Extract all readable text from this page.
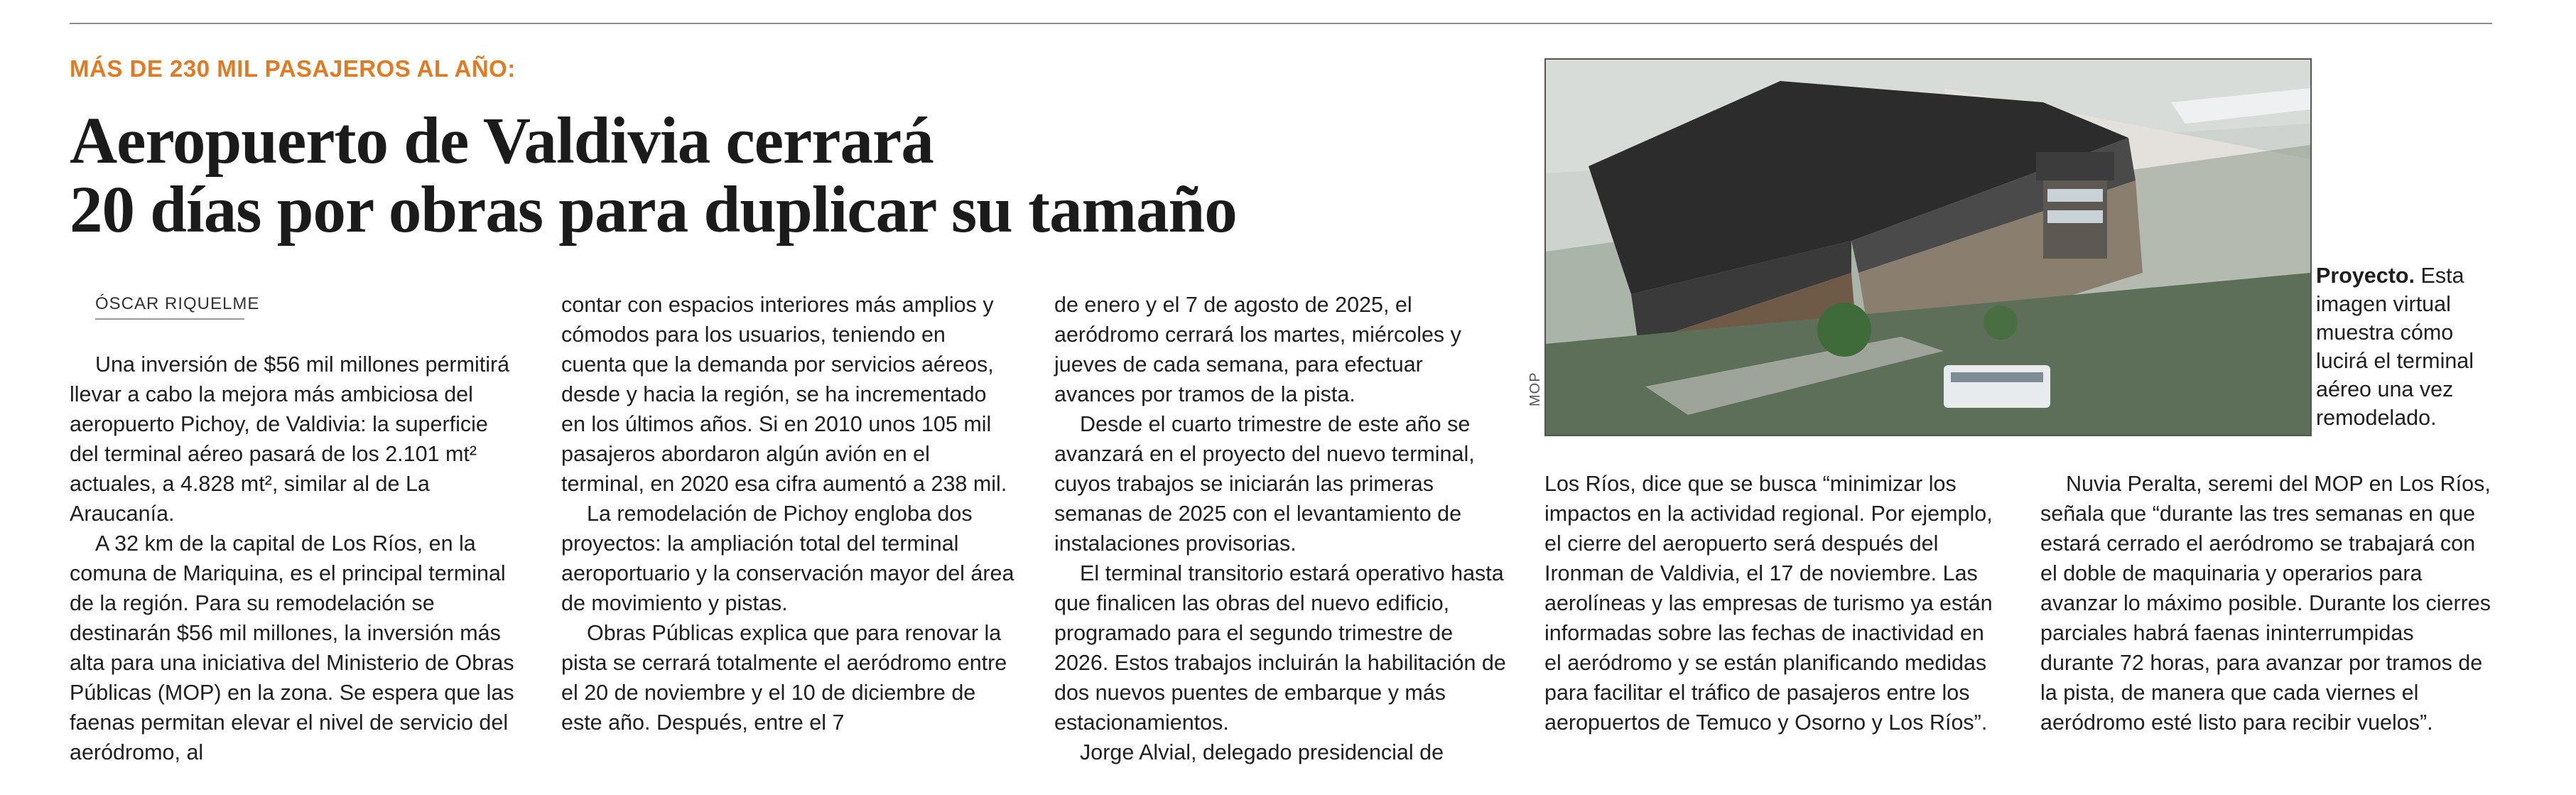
MÁS DE 230 MIL PASAJEROS AL AÑO:
Aeropuerto de Valdivia cerrará
20 días por obras para duplicar su tamaño
ÓSCAR RIQUELME

Una inversión de $56 mil millones permitirá llevar a cabo la mejora más ambiciosa del aeropuerto Pichoy, de Valdivia: la superficie del terminal aéreo pasará de los 2.101 mt² actuales, a 4.828 mt², similar al de La Araucanía.

A 32 km de la capital de Los Ríos, en la comuna de Mariquina, es el principal terminal de la región. Para su remodelación se destinarán $56 mil millones, la inversión más alta para una iniciativa del Ministerio de Obras Públicas (MOP) en la zona. Se espera que las faenas permitan elevar el nivel de servicio del aeródromo, al

contar con espacios interiores más amplios y cómodos para los usuarios, teniendo en cuenta que la demanda por servicios aéreos, desde y hacia la región, se ha incrementado en los últimos años. Si en 2010 unos 105 mil pasajeros abordaron algún avión en el terminal, en 2020 esa cifra aumentó a 238 mil.

La remodelación de Pichoy engloba dos proyectos: la ampliación total del terminal aeroportuario y la conservación mayor del área de movimiento y pistas.

Obras Públicas explica que para renovar la pista se cerrará totalmente el aeródromo entre el 20 de noviembre y el 10 de diciembre de este año. Después, entre el 7

de enero y el 7 de agosto de 2025, el aeródromo cerrará los martes, miércoles y jueves de cada semana, para efectuar avances por tramos de la pista.

Desde el cuarto trimestre de este año se avanzará en el proyecto del nuevo terminal, cuyos trabajos se iniciarán las primeras semanas de 2025 con el levantamiento de instalaciones provisorias.

El terminal transitorio estará operativo hasta que finalicen las obras del nuevo edificio, programado para el segundo trimestre de 2026. Estos trabajos incluirán la habilitación de dos nuevos puentes de embarque y más estacionamientos.

Jorge Alvial, delegado presidencial de

MOP
Proyecto. Esta imagen virtual muestra cómo lucirá el terminal aéreo una vez remodelado.

Los Ríos, dice que se busca “minimizar los impactos en la actividad regional. Por ejemplo, el cierre del aeropuerto será después del Ironman de Valdivia, el 17 de noviembre. Las aerolíneas y las empresas de turismo ya están informadas sobre las fechas de inactividad en el aeródromo y se están planificando medidas para facilitar el tráfico de pasajeros entre los aeropuertos de Temuco y Osorno y Los Ríos”.

Nuvia Peralta, seremi del MOP en Los Ríos, señala que “durante las tres semanas en que estará cerrado el aeródromo se trabajará con el doble de maquinaria y operarios para avanzar lo máximo posible. Durante los cierres parciales habrá faenas ininterrumpidas durante 72 horas, para avanzar por tramos de la pista, de manera que cada viernes el aeródromo esté listo para recibir vuelos”.
